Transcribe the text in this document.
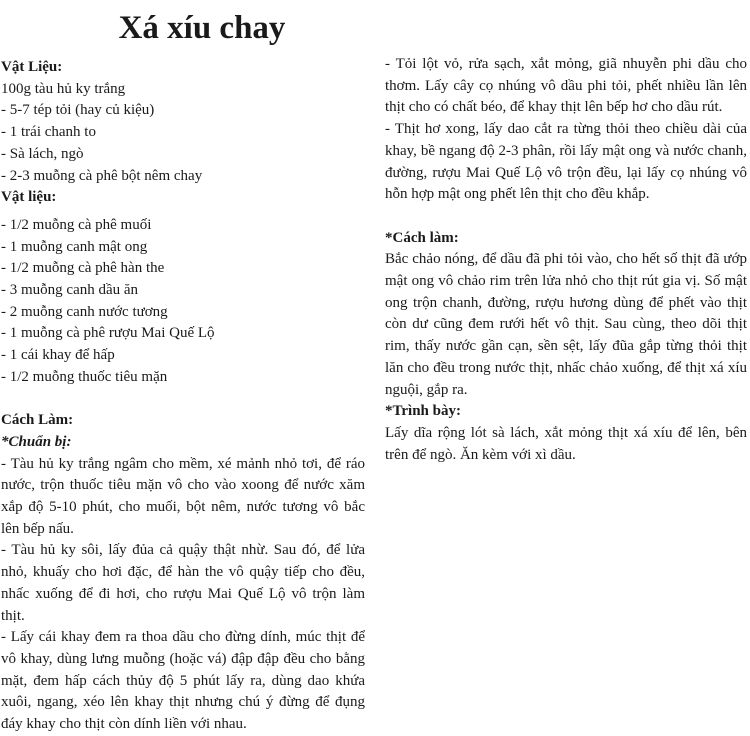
Xá xíu chay

Vật Liệu:

100g tàu hủ ky trắng

- 5-7 tép tỏi (hay củ kiệu)

- 1 trái chanh to

- Sà lách, ngò

- 2-3 muỗng cà phê bột nêm chay

Vật liệu:

- 1/2 muỗng cà phê muối

- 1 muỗng canh mật ong

- 1/2 muỗng cà phê hàn the

- 3 muỗng canh dầu ăn

- 2 muỗng canh nước tương

- 1 muỗng cà phê rượu Mai Quế Lộ

- 1 cái khay để hấp

- 1/2 muỗng thuốc tiêu mặn

Cách Làm:

*Chuẩn bị:

- Tàu hủ ky trắng ngâm cho mềm, xé mảnh nhỏ tơi, để ráo nước, trộn thuốc tiêu mặn vô cho vào xoong để nước xăm xắp độ 5-10 phút, cho muối, bột nêm, nước tương vô bắc lên bếp nấu.

- Tàu hủ ky sôi, lấy đủa cả quậy thật nhừ. Sau đó, để lửa nhỏ, khuấy cho hơi đặc, để hàn the vô quậy tiếp cho đều, nhấc xuống để đi hơi, cho rượu Mai Quế Lộ vô trộn làm thịt.

- Lấy cái khay đem ra thoa dầu cho đừng dính, múc thịt để vô khay, dùng lưng muỗng (hoặc vá) đập đập đều cho bằng mặt, đem hấp cách thủy độ 5 phút lấy ra, dùng dao khứa xuôi, ngang, xéo lên khay thịt nhưng chú ý đừng để đụng đáy khay cho thịt còn dính liền với nhau.

- Tỏi lột vỏ, rửa sạch, xắt mỏng, giã nhuyễn phi dầu cho thơm. Lấy cây cọ nhúng vô dầu phi tỏi, phết nhiều lần lên thịt cho có chất béo, để khay thịt lên bếp hơ cho dầu rút.

- Thịt hơ xong, lấy dao cắt ra từng thỏi theo chiều dài của khay, bề ngang độ 2-3 phân, rồi lấy mật ong và nước chanh, đường, rượu Mai Quế Lộ vô trộn đều, lại lấy cọ nhúng vô hỗn hợp mật ong phết lên thịt cho đều khắp.

*Cách làm:

Bắc chảo nóng, để dầu đã phi tỏi vào, cho hết số thịt đã ướp mật ong vô chảo rim trên lửa nhỏ cho thịt rút gia vị. Số mật ong trộn chanh, đường, rượu hương dùng để phết vào thịt còn dư cũng đem rưới hết vô thịt. Sau cùng, theo dõi thịt rim, thấy nước gần cạn, sền sệt, lấy đũa gắp từng thỏi thịt lăn cho đều trong nước thịt, nhấc chảo xuống, để thịt xá xíu nguội, gắp ra.

*Trình bày:

Lấy dĩa rộng lót sà lách, xắt mỏng thịt xá xíu để lên, bên trên để ngò. Ăn kèm với xì dầu.
